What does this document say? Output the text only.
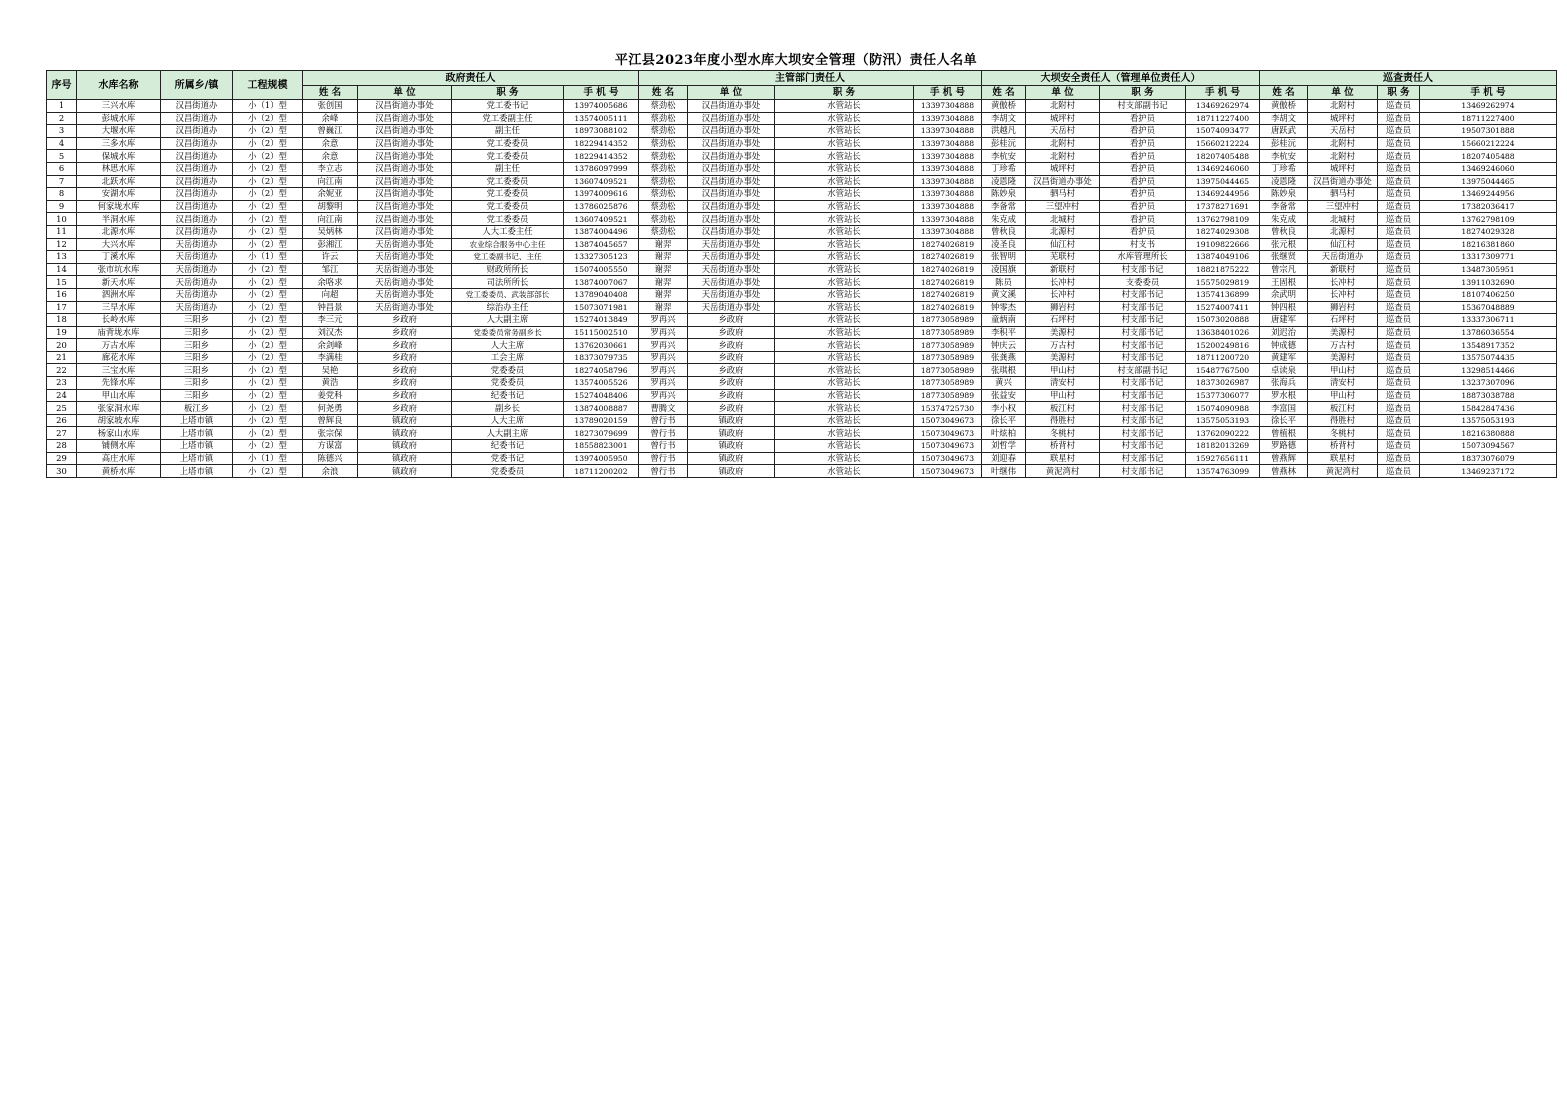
平江县2023年度小型水库大坝安全管理（防汛）责任人名单
序号	水库名称	所属乡/镇	工程规模	政府责任人				主管部门责任人				大坝安全责任人（管理单位责任人）				巡查责任人			
				姓 名	单 位	职 务	手 机 号	姓 名	单 位	职 务	手 机 号	姓 名	单 位	职 务	手 机 号	姓 名	单 位	职 务	手 机 号
1	三兴水库	汉昌街道办	小（1）型	张创国	汉昌街道办事处	党工委书记	13974005686	蔡劲松	汉昌街道办事处	水管站长	13397304888	黄傲桥	北附村	村支部副书记	13469262974	黄傲桥	北附村	巡查员	13469262974
2	彭城水库	汉昌街道办	小（2）型	余峰	汉昌街道办事处	党工委副主任	13574005111	蔡劲松	汉昌街道办事处	水管站长	13397304888	李胡文	城坪村	看护员	18711227400	李胡文	城坪村	巡查员	18711227400
3	大堰水库	汉昌街道办	小（2）型	曾巍江	汉昌街道办事处	副主任	18973088102	蔡劲松	汉昌街道办事处	水管站长	13397304888	洪越凡	天岳村	看护员	15074093477	唐跃武	天岳村	巡查员	19507301888
4	三多水库	汉昌街道办	小（2）型	余意	汉昌街道办事处	党工委委员	18229414352	蔡劲松	汉昌街道办事处	水管站长	13397304888	彭桂沅	北附村	看护员	15660212224	彭桂沅	北附村	巡查员	15660212224
5	保城水库	汉昌街道办	小（2）型	余意	汉昌街道办事处	党工委委员	18229414352	蔡劲松	汉昌街道办事处	水管站长	13397304888	李杭安	北附村	看护员	18207405488	李杭安	北附村	巡查员	18207405488
6	林思水库	汉昌街道办	小（2）型	李立志	汉昌街道办事处	副主任	13786097999	蔡劲松	汉昌街道办事处	水管站长	13397304888	丁珍希	城坪村	看护员	13469246060	丁珍希	城坪村	巡查员	13469246060
7	北跃水库	汉昌街道办	小（2）型	向江南	汉昌街道办事处	党工委委员	13607409521	蔡劲松	汉昌街道办事处	水管站长	13397304888	凌恩隆	汉昌街道办事处	看护员	13975044465	凌恩隆	汉昌街道办事处	巡查员	13975044465
8	安湖水库	汉昌街道办	小（2）型	余妮亚	汉昌街道办事处	党工委委员	13974009616	蔡劲松	汉昌街道办事处	水管站长	13397304888	陈妙泉	驷马村	看护员	13469244956	陈妙泉	驷马村	巡查员	13469244956
9	何家垅水库	汉昌街道办	小（2）型	胡黎明	汉昌街道办事处	党工委委员	13786025876	蔡劲松	汉昌街道办事处	水管站长	13397304888	李备常	三望冲村	看护员	17378271691	李备常	三望冲村	巡查员	17382036417
10	半洞水库	汉昌街道办	小（2）型	向江南	汉昌街道办事处	党工委委员	13607409521	蔡劲松	汉昌街道办事处	水管站长	13397304888	朱克成	北城村	看护员	13762798109	朱克成	北城村	巡查员	13762798109
11	北源水库	汉昌街道办	小（2）型	吴炳林	汉昌街道办事处	人大工委主任	13874004496	蔡劲松	汉昌街道办事处	水管站长	13397304888	曾秋良	北源村	看护员	18274029308	曾秋良	北源村	巡查员	18274029328
12	大兴水库	天岳街道办	小（2）型	彭湘江	天岳街道办事处	农业综合服务中心主任	13874045657	谢羿	天岳街道办事处	水管站长	18274026819	凌圣良	仙江村	村支书	19109822666	张元根	仙江村	巡查员	18216381860
13	丁溪水库	天岳街道办	小（1）型	许云	天岳街道办事处	党工委副书记、主任	13327305123	谢羿	天岳街道办事处	水管站长	18274026819	张智明	芜联村	水库管理所长	13874049106	张继贤	天岳街道办	巡查员	13317309771
14	张市坑水库	天岳街道办	小（2）型	邹江	天岳街道办事处	财政所所长	15074005550	谢羿	天岳街道办事处	水管站长	18274026819	凌国旗	新联村	村支部书记	18821875222	曾宗凡	新联村	巡查员	13487305951
15	新天水库	天岳街道办	小（2）型	余咯求	天岳街道办事处	司法所所长	13874007067	谢羿	天岳街道办事处	水管站长	18274026819	陈员	长冲村	支委委员	15575029819	王固根	长冲村	巡查员	13911032690
16	泗洲水库	天岳街道办	小（2）型	向超	天岳街道办事处	党工委委员、武装部部长	13789040408	谢羿	天岳街道办事处	水管站长	18274026819	黄文溪	长冲村	村支部书记	13574136899	余武明	长冲村	巡查员	18107406250
17	三早水库	天岳街道办	小（2）型	钟昌景	天岳街道办事处	综治办主任	15073071981	谢羿	天岳街道办事处	水管站长	18274026819	钟零杰	狮岩村	村支部书记	15274007411	钟四根	狮岩村	巡查员	15367048889
18	长岭水库	三阳乡	小（2）型	李三元	乡政府	人大副主席	15274013849	罗再兴	乡政府	水管站长	18773058989	童炳南	石坪村	村支部书记	15073020888	唐建军	石坪村	巡查员	13337306711
19	庙背垅水库	三阳乡	小（2）型	刘汉杰	乡政府	党委委员常务副乡长	15115002510	罗再兴	乡政府	水管站长	18773058989	李积平	美源村	村支部书记	13638401026	刘迟治	美源村	巡查员	13786036554
20	万古水库	三阳乡	小（2）型	余剑峰	乡政府	人大主席	13762030661	罗再兴	乡政府	水管站长	18773058989	钟庆云	万古村	村支部书记	15200249816	钟成德	万古村	巡查员	13548917352
21	廊花水库	三阳乡	小（2）型	李满桂	乡政府	工会主席	18373079735	罗再兴	乡政府	水管站长	18773058989	张龚燕	美源村	村支部书记	18711200720	黄建军	美源村	巡查员	13575074435
22	三宝水库	三阳乡	小（2）型	吴艳	乡政府	党委委员	18274058796	罗再兴	乡政府	水管站长	18773058989	张琪根	甲山村	村支部副书记	15487767500	卓读泉	甲山村	巡查员	13298514466
23	先锋水库	三阳乡	小（2）型	黄浩	乡政府	党委委员	13574005526	罗再兴	乡政府	水管站长	18773058989	黄兴	清安村	村支部书记	18373026987	张海兵	清安村	巡查员	13237307096
24	甲山水库	三阳乡	小（2）型	姜党科	乡政府	纪委书记	15274048406	罗再兴	乡政府	水管站长	18773058989	张益安	甲山村	村支部书记	15377306077	罗水根	甲山村	巡查员	18873038788
25	张家洞水库	板江乡	小（2）型	何尧勇	乡政府	副乡长	13874008887	曹腾文	乡政府	水管站长	15374725730	李小权	板江村	村支部书记	15074090988	李富国	板江村	巡查员	15842847436
26	胡家坡水库	上塔市镇	小（2）型	曾辉良	镇政府	人大主席	13789020159	曾行书	镇政府	水管站长	15073049673	徐长平	得胜村	村支部书记	13575053193	徐长平	得胜村	巡查员	13575053193
27	杨家山水库	上塔市镇	小（2）型	张宗保	镇政府	人大副主席	18273079699	曾行书	镇政府	水管站长	15073049673	叶炫柏	冬桃村	村支部书记	13762090222	曾植根	冬桃村	巡查员	18216380888
28	铺侧水库	上塔市镇	小（2）型	方谋富	镇政府	纪委书记	18558823001	曾行书	镇政府	水管站长	15073049673	刘哲学	桥背村	村支部书记	18182013269	罗路德	桥背村	巡查员	15073094567
29	高庄水库	上塔市镇	小（1）型	陈德兴	镇政府	党委书记	13974005950	曾行书	镇政府	水管站长	15073049673	刘迎春	联星村	村支部书记	15927656111	曾燕辉	联星村	巡查员	18373076079
30	黄桥水库	上塔市镇	小（2）型	余浪	镇政府	党委委员	18711200202	曾行书	镇政府	水管站长	15073049673	叶继伟	黄泥湾村	村支部书记	13574763099	曾燕林	黄泥湾村	巡查员	13469237172
